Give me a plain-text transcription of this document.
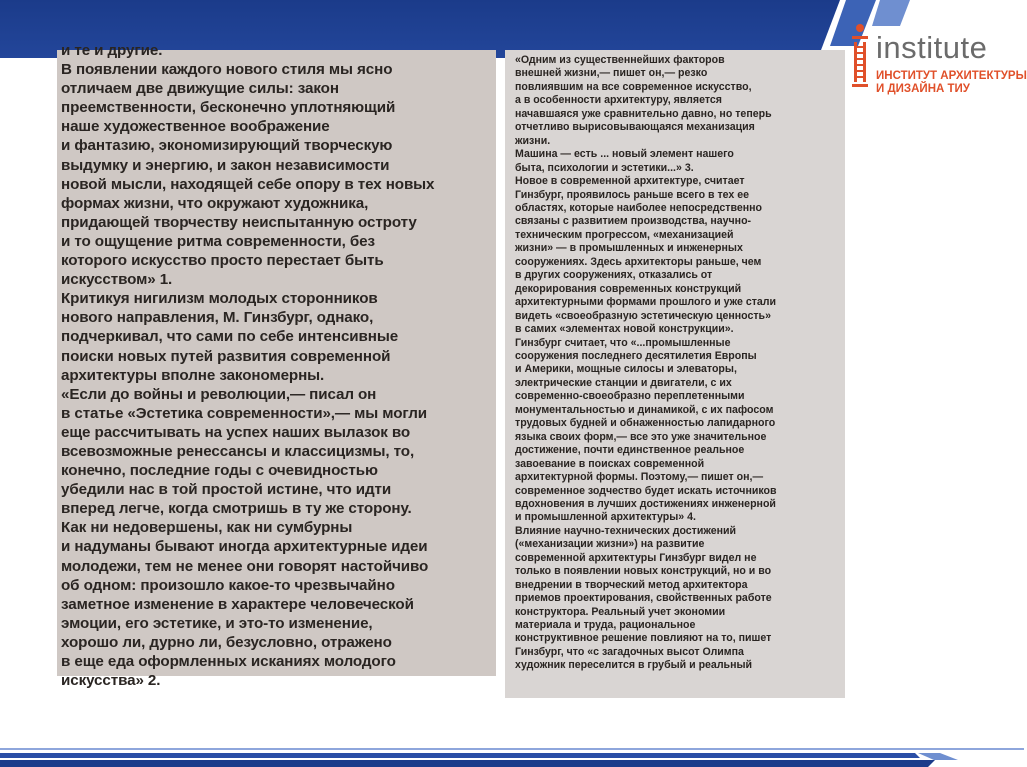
institute
ИНСТИТУТ АРХИТЕКТУРЫ
И ДИЗАЙНА ТИУ
и те и другие.
В появлении каждого нового стиля мы ясно
отличаем две движущие силы: закон
преемственности, бесконечно уплотняющий
наше художественное воображение
и фантазию, экономизирующий творческую
выдумку и энергию, и закон независимости
новой мысли, находящей себе опору в тех новых
формах жизни, что окружают художника,
придающей творчеству неиспытанную остроту
и то ощущение ритма современности, без
которого искусство просто перестает быть
искусством» 1.
Критикуя нигилизм молодых сторонников
нового направления, М. Гинзбург, однако,
подчеркивал, что сами по себе интенсивные
поиски новых путей развития современной
архитектуры вполне закономерны.
«Если до войны и революции,— писал он
в статье «Эстетика современности»,— мы могли
еще рассчитывать на успех наших вылазок во
всевозможные ренессансы и классицизмы, то,
конечно, последние годы с очевидностью
убедили нас в той простой истине, что идти
вперед легче, когда смотришь в ту же сторону.
Как ни недовершены, как ни сумбурны
и надуманы бывают иногда архитектурные идеи
молодежи, тем не менее они говорят настойчиво
об одном: произошло какое-то чрезвычайно
заметное изменение в характере человеческой
эмоции, его эстетике, и это-то изменение,
хорошо ли, дурно ли, безусловно, отражено
в еще еда оформленных исканиях молодого
искусства» 2.
«Одним из существеннейших факторов
внешней жизни,— пишет он,— резко
повлиявшим на все современное искусство,
а в особенности архитектуру, является
начавшаяся уже сравнительно давно, но теперь
отчетливо вырисовывающаяся механизация
жизни.
Машина — есть ... новый элемент нашего
быта, психологии и эстетики...» 3.
Новое в современной архитектуре, считает
Гинзбург, проявилось раньше всего в тех ее
областях, которые наиболее непосредственно
связаны с развитием производства, научно-
техническим прогрессом, «механизацией
жизни» — в промышленных и инженерных
сооружениях. Здесь архитекторы раньше, чем
в других сооружениях, отказались от
декорирования современных конструкций
архитектурными формами прошлого и уже стали
видеть «своеобразную эстетическую ценность»
в самих «элементах новой конструкции».
Гинзбург считает, что «...промышленные
сооружения последнего десятилетия Европы
и Америки, мощные силосы и элеваторы,
электрические станции и двигатели, с их
современно-своеобразно переплетенными
монументальностью и динамикой, с их пафосом
трудовых будней и обнаженностью лапидарного
языка своих форм,— все это уже значительное
достижение, почти единственное реальное
завоевание в поисках современной
архитектурной формы. Поэтому,— пишет он,—
современное зодчество будет искать источников
вдохновения в лучших достижениях инженерной
и промышленной архитектуры» 4.
Влияние научно-технических достижений
(«механизации жизни») на развитие
современной архитектуры Гинзбург видел не
только в появлении новых конструкций, но и во
внедрении в творческий метод архитектора
приемов проектирования, свойственных работе
конструктора. Реальный учет экономии
материала и труда, рациональное
конструктивное решение повлияют на то, пишет
Гинзбург, что «с загадочных высот Олимпа
художник переселится в грубый и реальный
